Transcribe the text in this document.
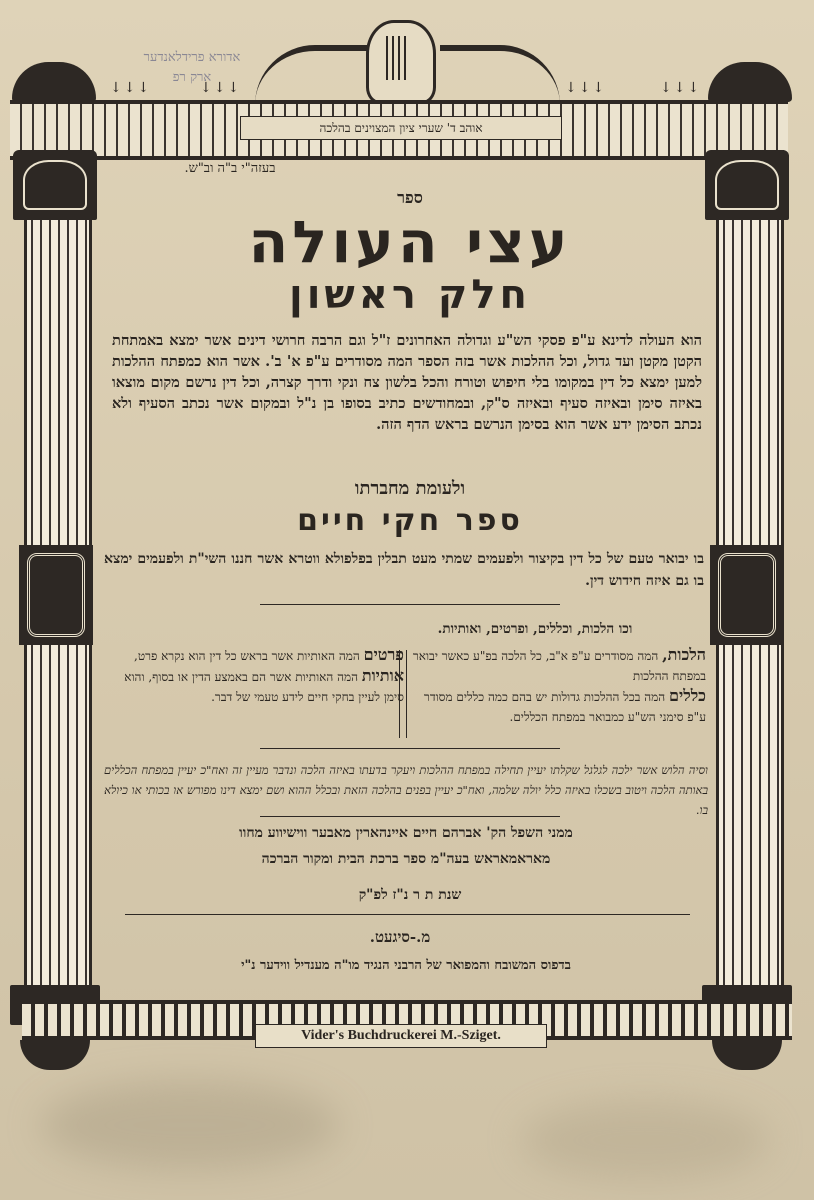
↓↓↓	↓↓↓	↓↓↓	↓↓↓
אדורא פרידלאנדער
ארק רפ
אוהב ד' שערי ציון המצוינים בהלכה
Vider's Buchdruckerei M.-Sziget.
בעזה"י ב"ה וב"ש.
ספר
עצי העולה
חלק ראשון
הוא העולה לדינא ע"פ פסקי הש"ע וגדולה האחרונים ז"ל וגם הרבה חרושי דינים אשר ימצא באמתחת הקטן מקטן ועד גדול, וכל ההלכות אשר בזה הספר המה מסודרים ע"פ א' ב'. אשר הוא כמפתח ההלכות למען ימצא כל דין במקומו בלי חיפוש וטורח והכל בלשון צח ונקי ודרך קצרה, וכל דין נרשם מקום מוצאו באיזה סימן ובאיזה סעיף ובאיזה ס"ק, ובמחודשים כתיב בסופו בן נ"ל ובמקום אשר נכתב הסעיף ולא נכתב הסימן ידע אשר הוא בסימן הנרשם בראש הדף הזה.
ולעומת מחברתו
ספר חקי חיים
בו יבואר טעם של כל דין בקיצור ולפעמים שמתי מעט תבלין בפלפולא ווטרא אשר חננו השי"ת ולפעמים ימצא בו גם איזה חידוש דין.
וכו הלכות, וכללים, ופרטים, ואותיות.
הלכות, המה מסודרים ע"פ א"ב, כל הלכה בפ"ע כאשר יבואר במפתח ההלכות
כללים המה בכל ההלכות גדולות יש בהם כמה כללים מסודר ע"פ סימני הש"ע כמבואר במפתח הכללים.
פרטים המה האותיות אשר בראש כל דין הוא נקרא פרט,
אותיות המה האותיות אשר הם באמצע הדין או בסוף, והוא סימן לעיין בחקי חיים לידע טעמי של דבר.
וסיה הלוש אשר ילכה לגלגל שקלתו יעיין תחילה במפתח ההלכות ויעקר בדעתו באיזה הלכה ונדבר מעיין זה ואח"כ יעיין במפתח הכללים באותה הלכה ויטוב בשכלו באיזה כלל יולה שלמה, ואח"כ יעיין בפנים בהלכה הזאת ובכלל ההוא ושם ימצא דינו מפורש או בכותי או כיולא בו.
ממני השפל הק' אברהם חיים איינהארין מאבער ווישיווע מחוו
מאראמאראש בעה"מ ספר ברכת הבית ומקור הברכה
שנת ת ר נ"ז לפ"ק
מ.-סיגעט.
בדפוס המשובח והמפואר של הרבני הנגיד מו"ה מענדיל ווידער נ"י
